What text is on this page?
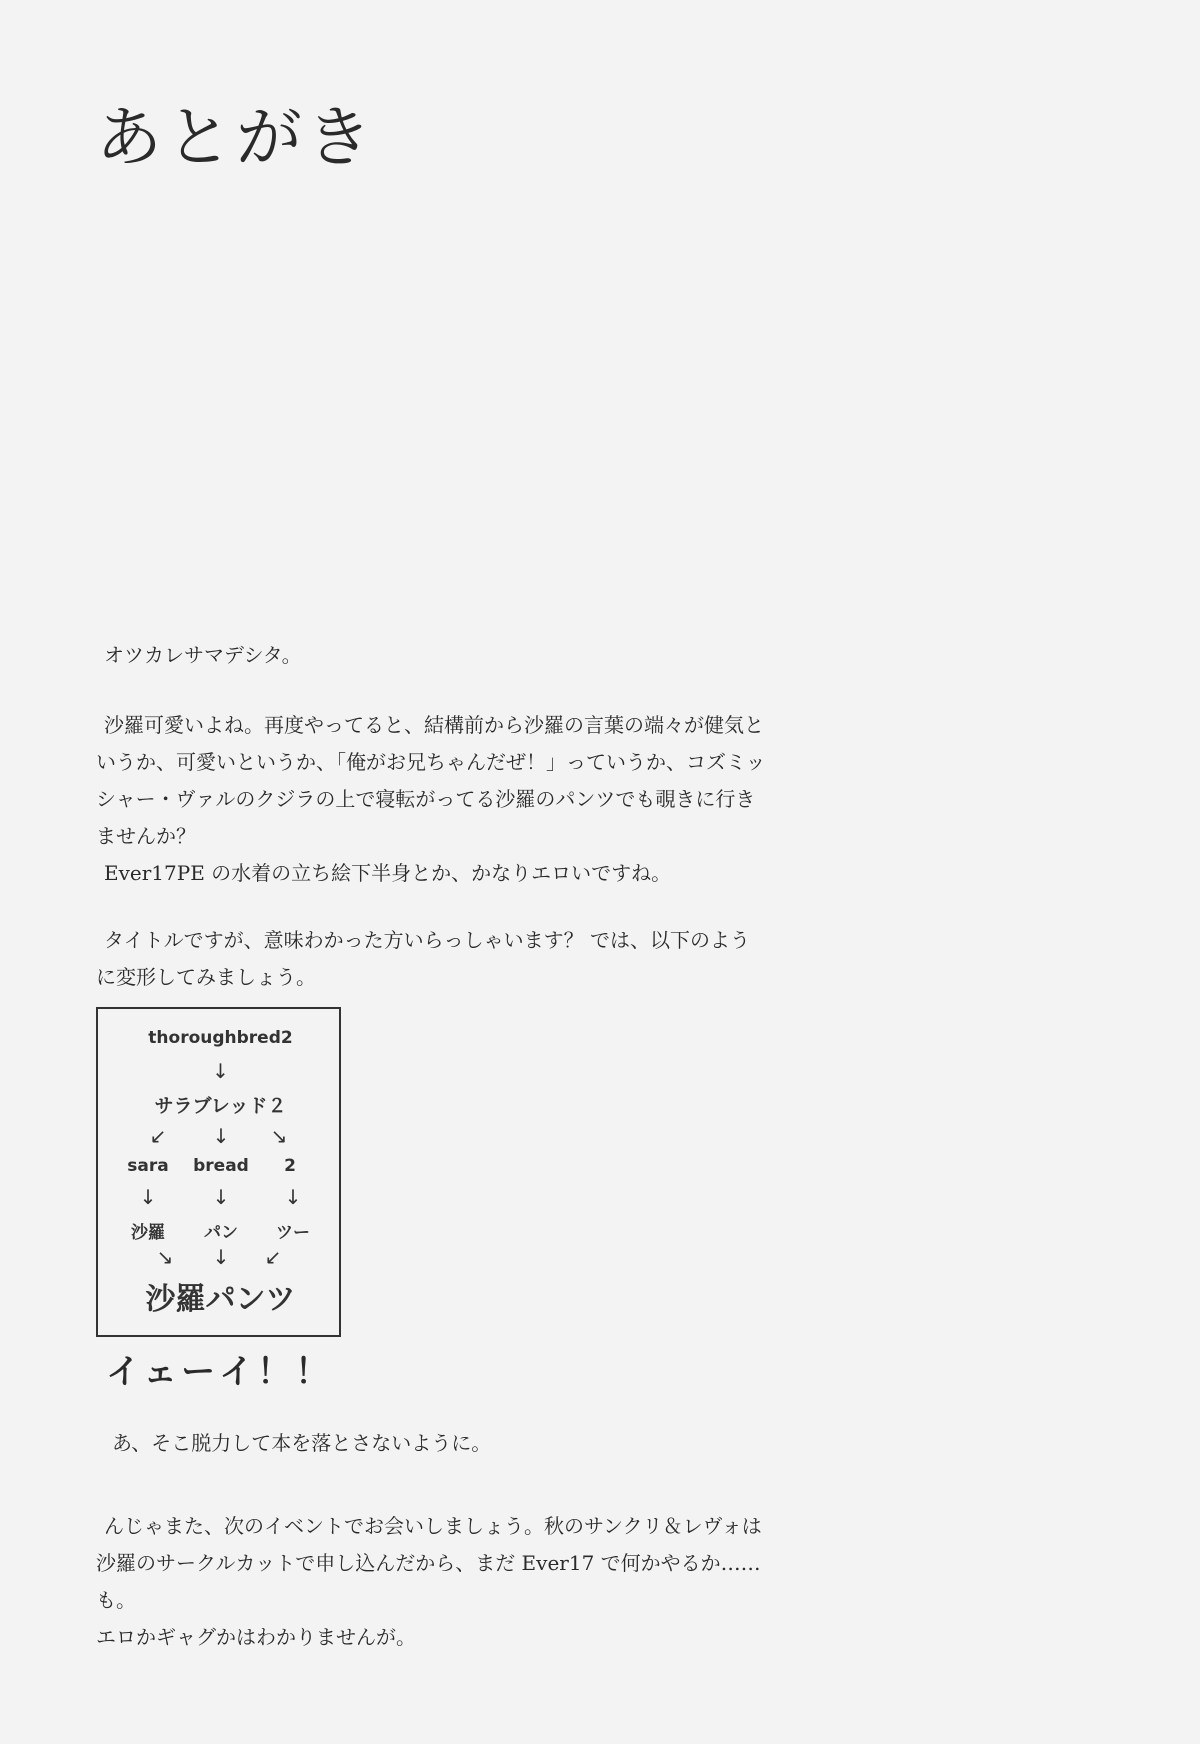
あとがき

オツカレサマデシタ。

沙羅可愛いよね。再度やってると、結構前から沙羅の言葉の端々が健気と

いうか、可愛いというか、「俺がお兄ちゃんだぜ！」っていうか、コズミッ

シャー・ヴァルのクジラの上で寝転がってる沙羅のパンツでも覗きに行き

ませんか？

Ever17PE の水着の立ち絵下半身とか、かなりエロいですね。

タイトルですが、意味わかった方いらっしゃいます？ では、以下のよう

に変形してみましょう。

thoroughbred2
↓
サラブレッド２
↙	↓	↘
sara	bread	2
↓	↓	↓
沙羅	パン	ツー
↘	↓	↙
沙羅パンツ

イェーイ！！

あ、そこ脱力して本を落とさないように。

んじゃまた、次のイベントでお会いしましょう。秋のサンクリ＆レヴォは

沙羅のサークルカットで申し込んだから、まだ Ever17 で何かやるか……も。

エロかギャグかはわかりませんが。
